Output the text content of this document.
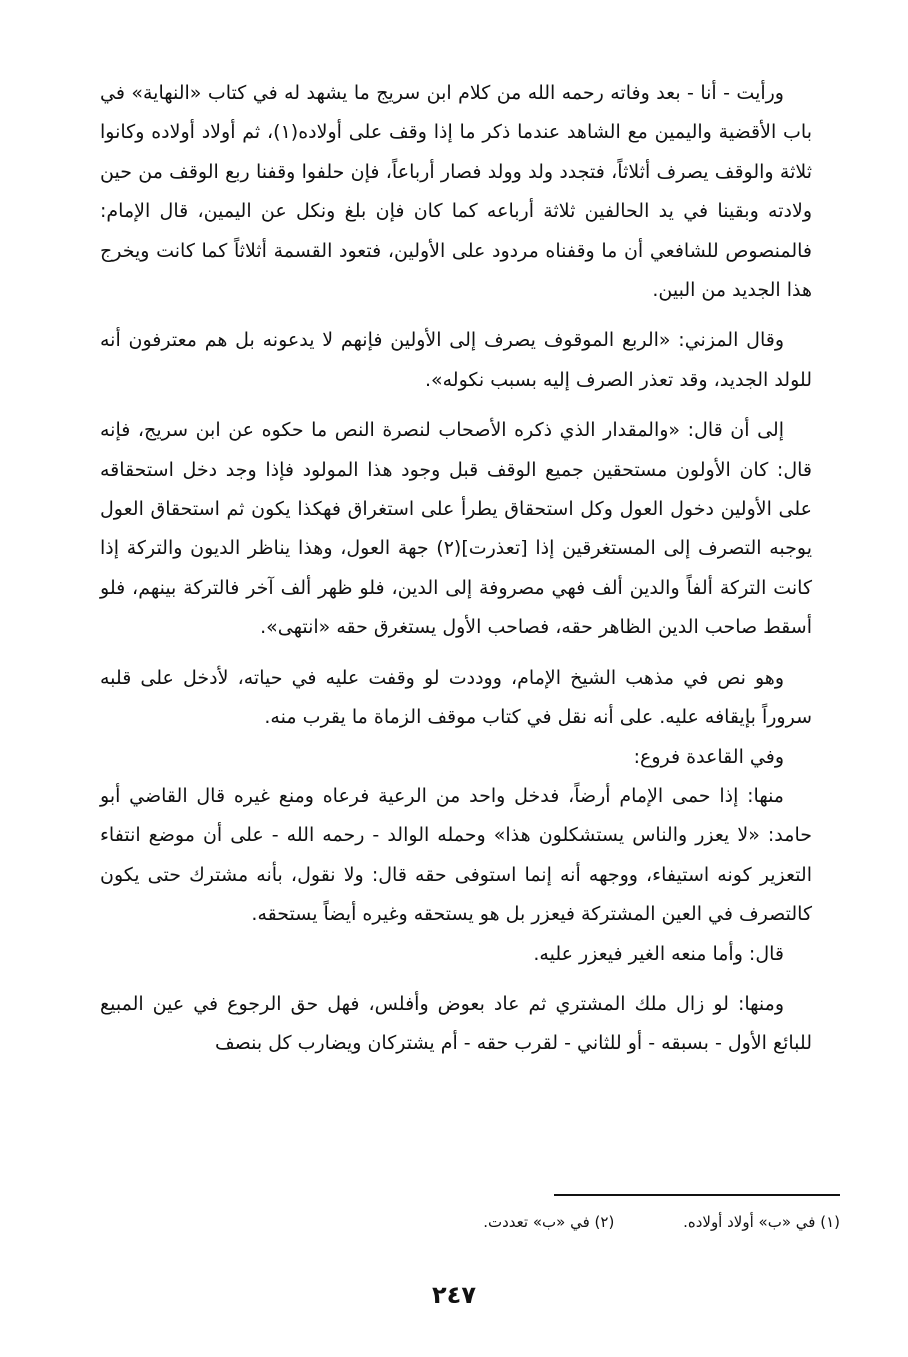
ورأيت - أنا - بعد وفاته رحمه الله من كلام ابن سريج ما يشهد له في كتاب «النهاية» في باب الأقضية واليمين مع الشاهد عندما ذكر ما إذا وقف على أولاده(١)، ثم أولاد أولاده وكانوا ثلاثة والوقف يصرف أثلاثاً، فتجدد ولد وولد فصار أرباعاً، فإن حلفوا وقفنا ربع الوقف من حين ولادته وبقينا في يد الحالفين ثلاثة أرباعه كما كان فإن بلغ ونكل عن اليمين، قال الإمام: فالمنصوص للشافعي أن ما وقفناه مردود على الأولين، فتعود القسمة أثلاثاً كما كانت ويخرج هذا الجديد من البين.

وقال المزني: «الربع الموقوف يصرف إلى الأولين فإنهم لا يدعونه بل هم معترفون أنه للولد الجديد، وقد تعذر الصرف إليه بسبب نكوله».

إلى أن قال: «والمقدار الذي ذكره الأصحاب لنصرة النص ما حكوه عن ابن سريج، فإنه قال: كان الأولون مستحقين جميع الوقف قبل وجود هذا المولود فإذا وجد دخل استحقاقه على الأولين دخول العول وكل استحقاق يطرأ على استغراق فهكذا يكون ثم استحقاق العول يوجبه التصرف إلى المستغرقين إذا [تعذرت](٢) جهة العول، وهذا يناظر الديون والتركة إذا كانت التركة ألفاً والدين ألف فهي مصروفة إلى الدين، فلو ظهر ألف آخر فالتركة بينهم، فلو أسقط صاحب الدين الظاهر حقه، فصاحب الأول يستغرق حقه «انتهى».

وهو نص في مذهب الشيخ الإمام، ووددت لو وقفت عليه في حياته، لأدخل على قلبه سروراً بإيقافه عليه. على أنه نقل في كتاب موقف الزماة ما يقرب منه.

وفي القاعدة فروع:

منها: إذا حمى الإمام أرضاً، فدخل واحد من الرعية فرعاه ومنع غيره قال القاضي أبو حامد: «لا يعزر والناس يستشكلون هذا» وحمله الوالد - رحمه الله - على أن موضع انتفاء التعزير كونه استيفاء، ووجهه أنه إنما استوفى حقه قال: ولا نقول، بأنه مشترك حتى يكون كالتصرف في العين المشتركة فيعزر بل هو يستحقه وغيره أيضاً يستحقه.

قال: وأما منعه الغير فيعزر عليه.

ومنها: لو زال ملك المشتري ثم عاد بعوض وأفلس، فهل حق الرجوع في عين المبيع للبائع الأول - بسبقه - أو للثاني - لقرب حقه - أم يشتركان ويضارب كل بنصف

(١) في «ب» أولاد أولاده. (٢) في «ب» تعددت.
٢٤٧
